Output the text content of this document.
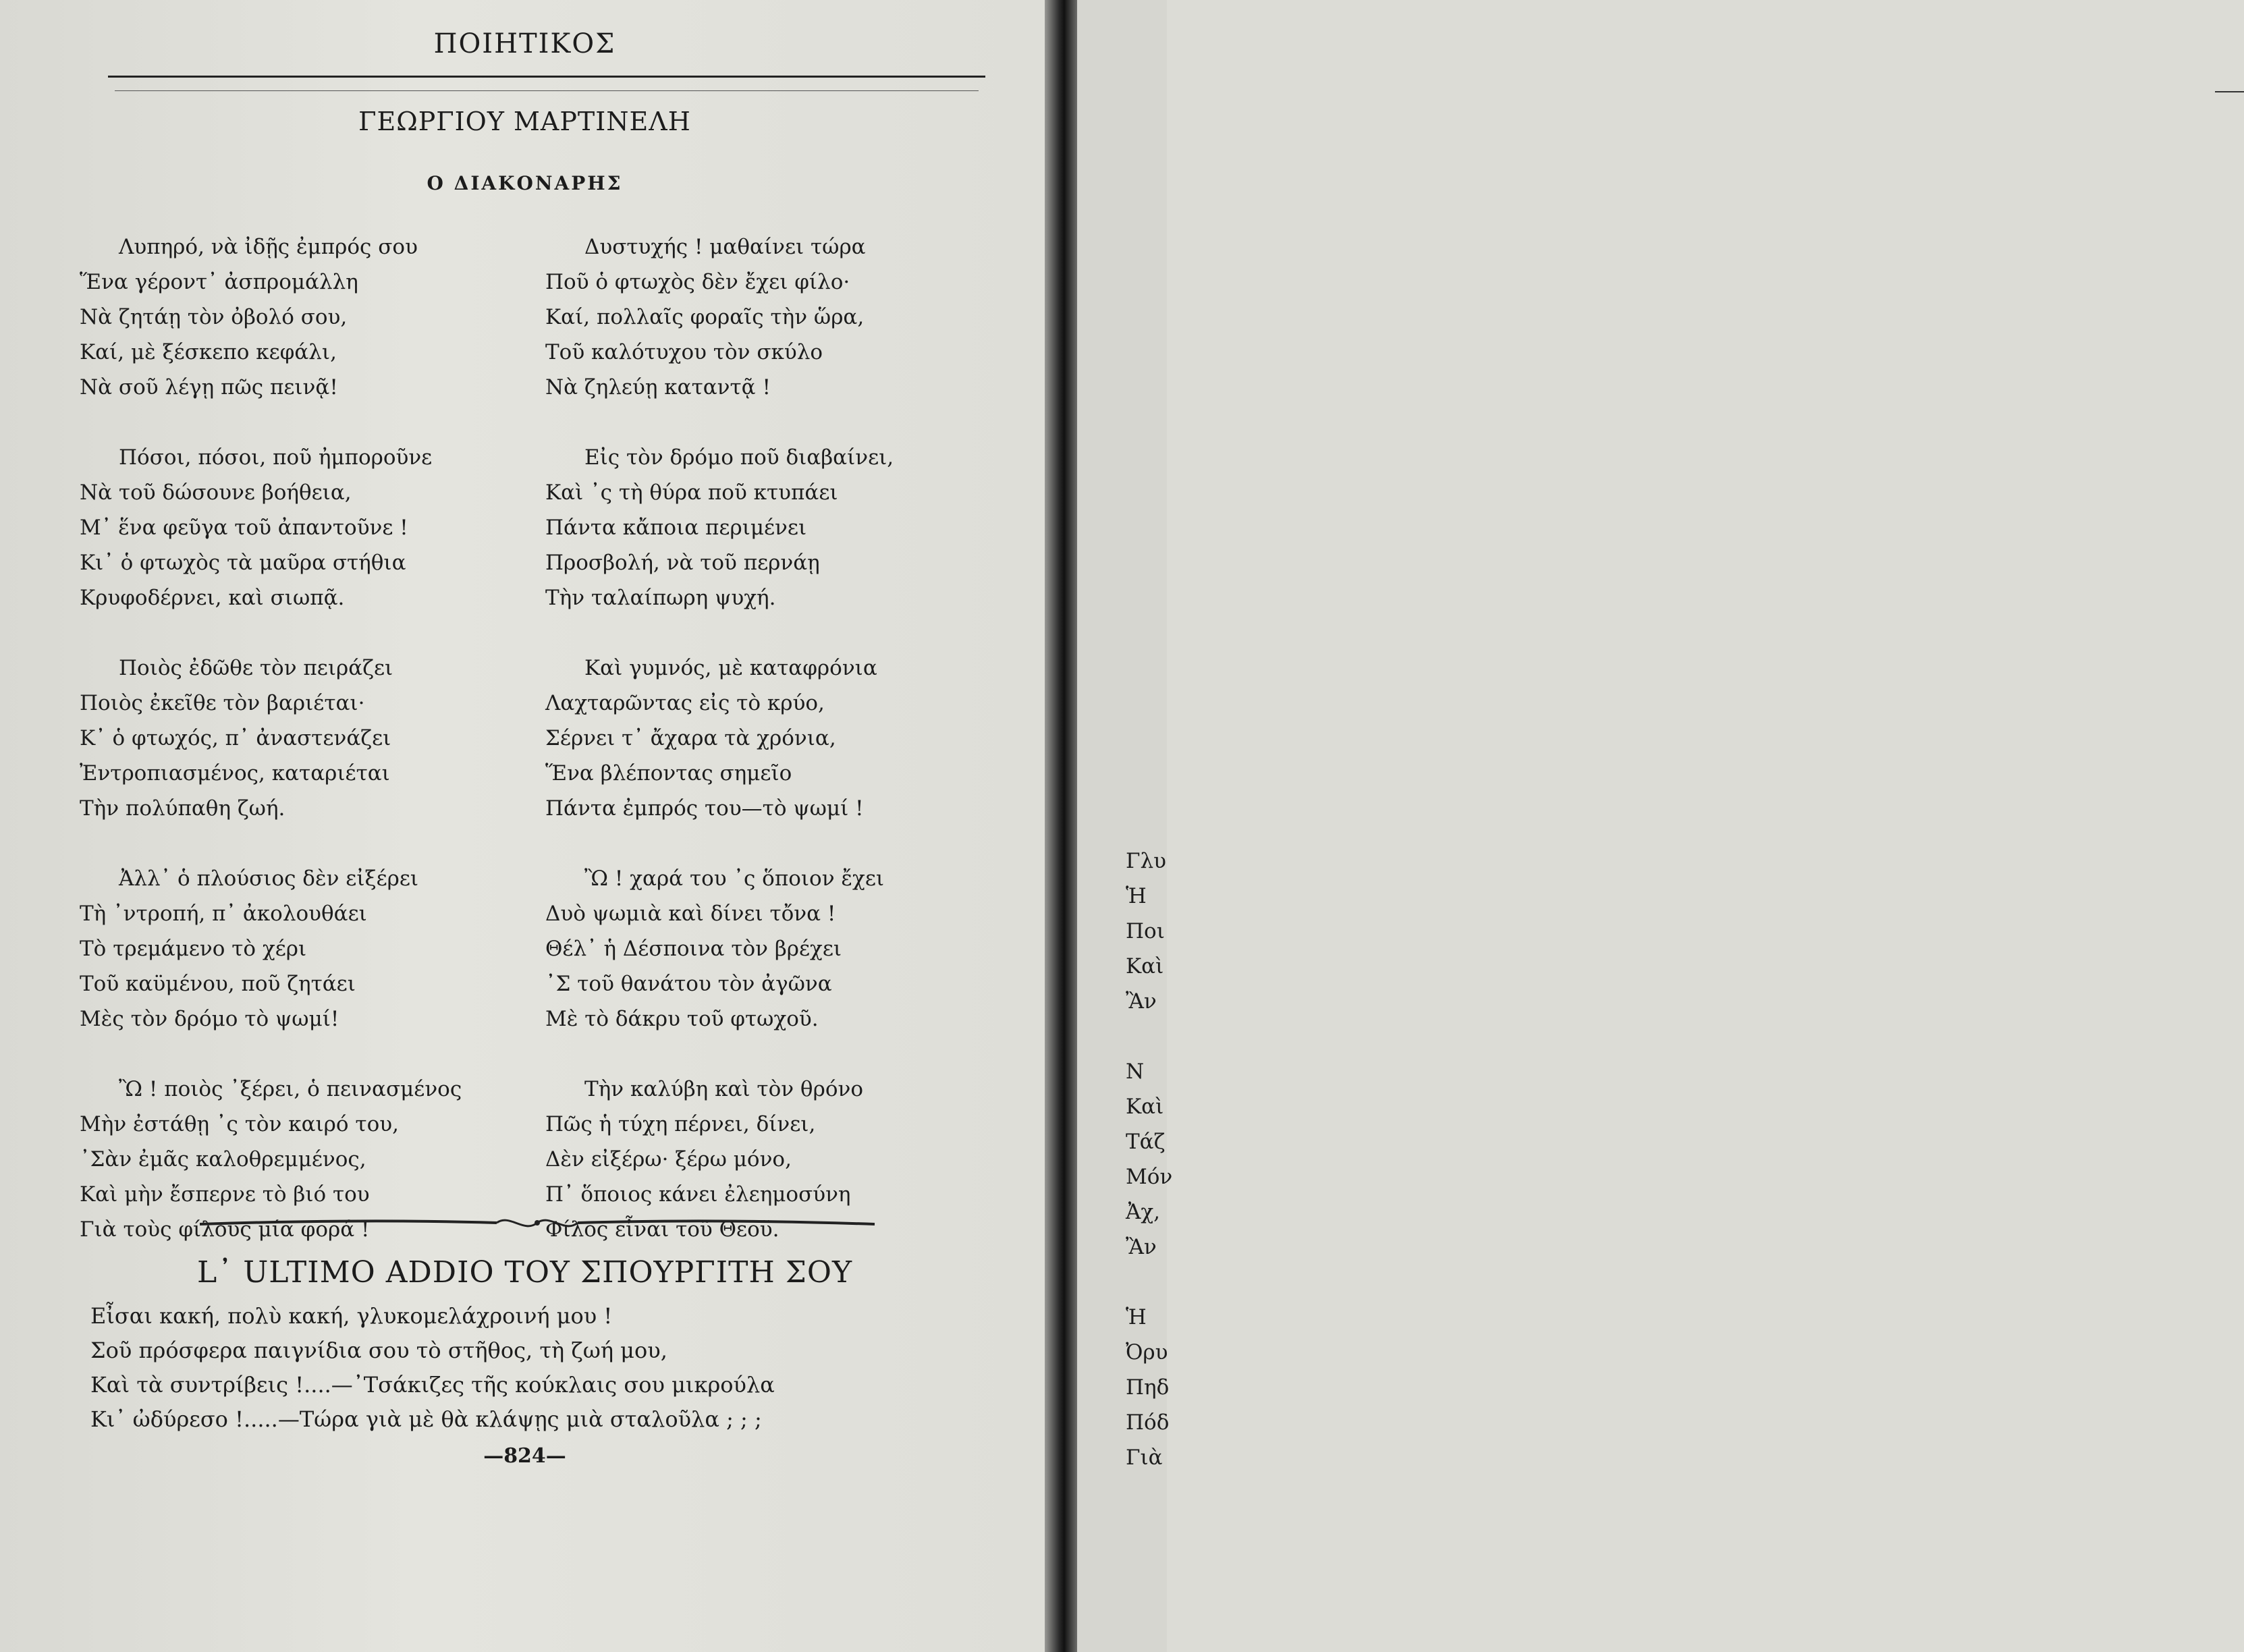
ΠΟΙΗΤΙΚΟΣ
ΓΕΩΡΓΙΟΥ ΜΑΡΤΙΝΕΛΗ
Ο ΔΙΑΚΟΝΑΡΗΣ
Λυπηρό, νὰ ἰδῇς ἐμπρός σου
Ἕνα γέροντ᾽ ἀσπρομάλλη
Νὰ ζητάῃ τὸν ὀβολό σου,
Καί, μὲ ξέσκεπο κεφάλι,
Νὰ σοῦ λέγῃ πῶς πεινᾷ!
Πόσοι, πόσοι, ποῦ ἠμποροῦνε
Νὰ τοῦ δώσουνε βοήθεια,
Μ᾽ ἕνα φεῦγα τοῦ ἀπαντοῦνε !
Κι᾽ ὁ φτωχὸς τὰ μαῦρα στήθια
Κρυφοδέρνει, καὶ σιωπᾷ.
Ποιὸς ἐδῶθε τὸν πειράζει
Ποιὸς ἐκεῖθε τὸν βαριέται·
Κ᾽ ὁ φτωχός, π᾽ ἀναστενάζει
Ἐντροπιασμένος, καταριέται
Τὴν πολύπαθη ζωή.
Ἀλλ᾽ ὁ πλούσιος δὲν εἰξέρει
Τὴ ᾽ντροπή, π᾽ ἀκολουθάει
Τὸ τρεμάμενο τὸ χέρι
Τοῦ καϋμένου, ποῦ ζητάει
Μὲς τὸν δρόμο τὸ ψωμί!
Ὢ ! ποιὸς ᾽ξέρει, ὁ πεινασμένος
Μὴν ἐστάθῃ ᾽ς τὸν καιρό του,
᾽Σὰν ἐμᾶς καλοθρεμμένος,
Καὶ μὴν ἔσπερνε τὸ βιό του
Γιὰ τοὺς φίλους μία φορά !
Δυστυχής ! μαθαίνει τώρα
Ποῦ ὁ φτωχὸς δὲν ἔχει φίλο·
Καί, πολλαῖς φοραῖς τὴν ὥρα,
Τοῦ καλότυχου τὸν σκύλο
Νὰ ζηλεύῃ καταντᾷ !
Εἰς τὸν δρόμο ποῦ διαβαίνει,
Καὶ ᾽ς τὴ θύρα ποῦ κτυπάει
Πάντα κἄποια περιμένει
Προσβολή, νὰ τοῦ περνάῃ
Τὴν ταλαίπωρη ψυχή.
Καὶ γυμνός, μὲ καταφρόνια
Λαχταρῶντας εἰς τὸ κρύο,
Σέρνει τ᾽ ἄχαρα τὰ χρόνια,
Ἕνα βλέποντας σημεῖο
Πάντα ἐμπρός του—τὸ ψωμί !
Ὢ ! χαρά του ᾽ς ὅποιον ἔχει
Δυὸ ψωμιὰ καὶ δίνει τὄνα !
Θέλ᾽ ἡ Δέσποινα τὸν βρέχει
᾽Σ τοῦ θανάτου τὸν ἀγῶνα
Μὲ τὸ δάκρυ τοῦ φτωχοῦ.
Τὴν καλύβη καὶ τὸν θρόνο
Πῶς ἡ τύχη πέρνει, δίνει,
Δὲν εἰξέρω· ξέρω μόνο,
Π᾽ ὅποιος κάνει ἐλεημοσύνη
Φίλος εἶναι τοῦ Θεοῦ.
L᾽ ULTIMO ADDIO ΤΟΥ ΣΠΟΥΡΓΙΤΗ ΣΟΥ
Εἶσαι κακή, πολὺ κακή, γλυκομελάχροινή μου !
Σοῦ πρόσφερα παιγνίδια σου τὸ στῆθος, τὴ ζωή μου,
Καὶ τὰ συντρίβεις !....—᾽Τσάκιζες τῆς κούκλαις σου μικρούλα
Κι᾽ ὠδύρεσο !.....—Τώρα γιὰ μὲ θὰ κλάψῃς μιὰ σταλοῦλα ; ; ;
—824—
Γλυ
Ἡ
Ποι
Καὶ
Ἂν
Ν
Καὶ
Τάζ
Μόν
Ἀχ,
Ἂν
Ἡ
Ὀρυ
Πηδ
Πόδ
Γιὰ
